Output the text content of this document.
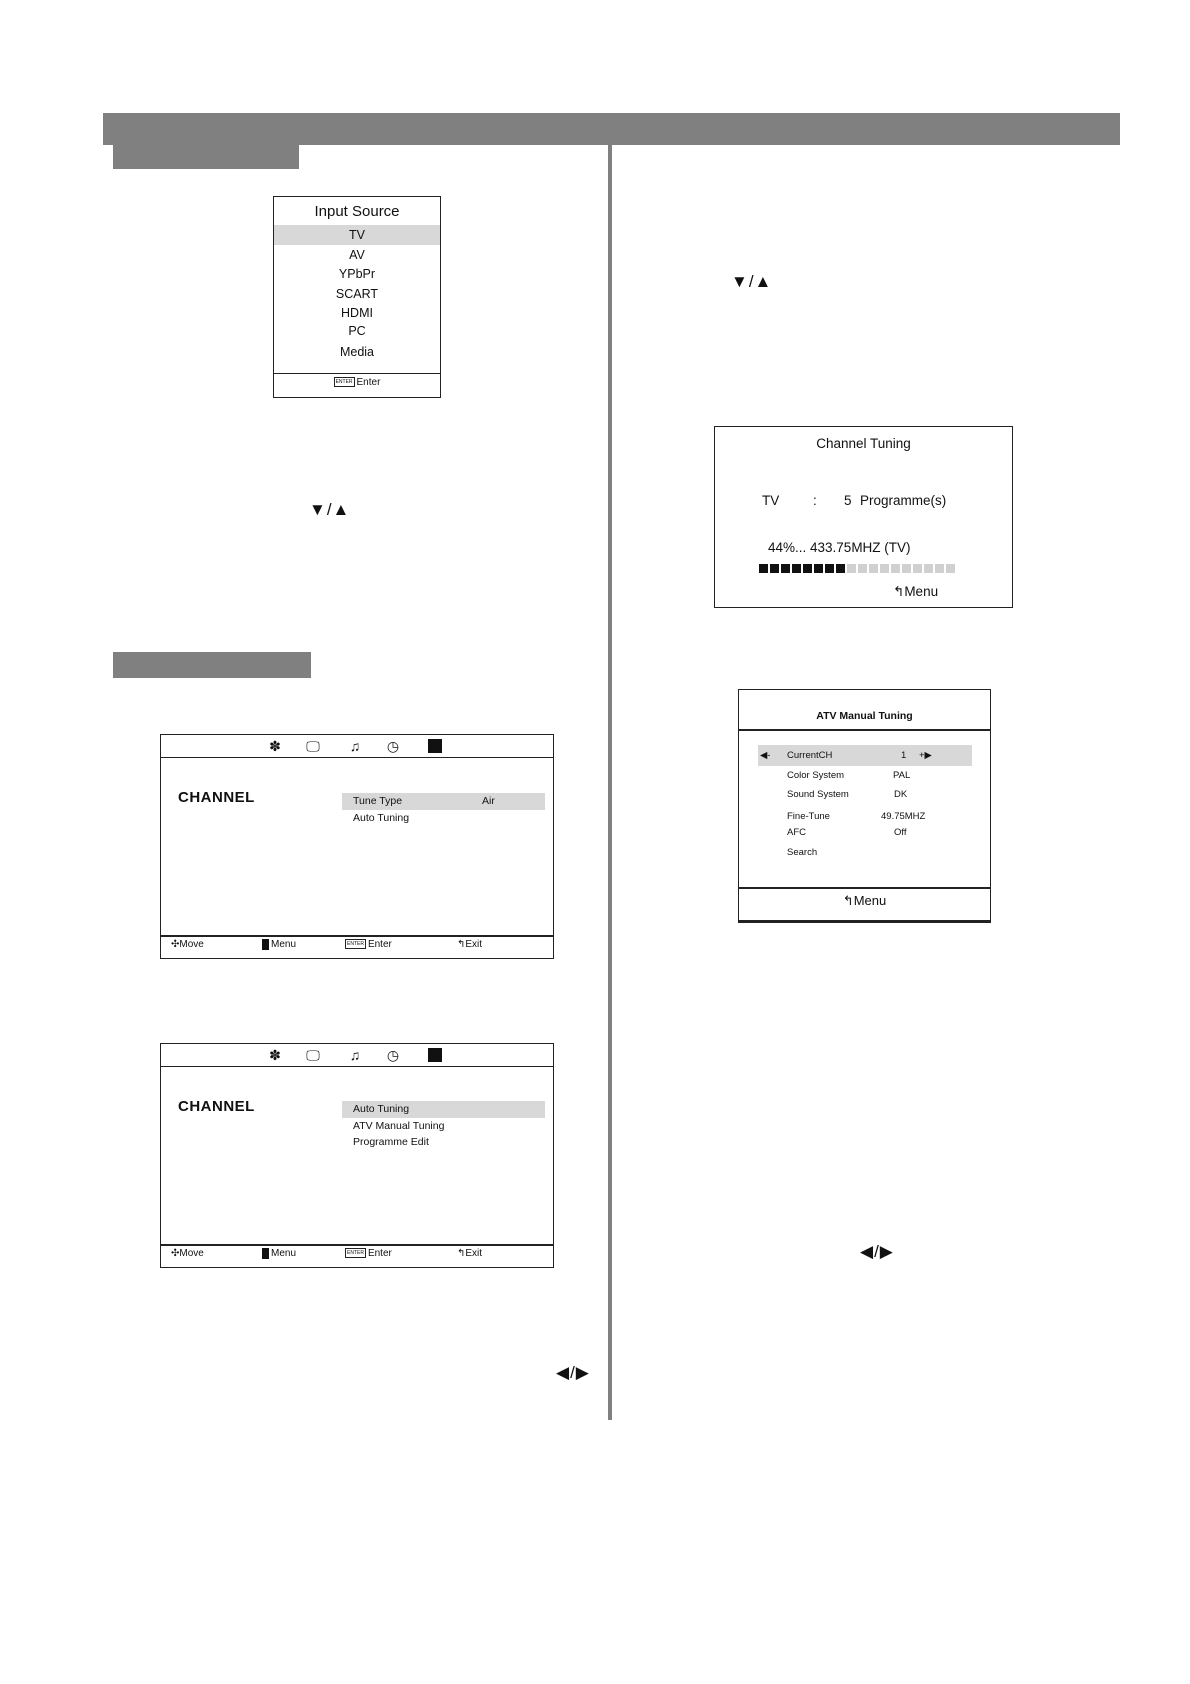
Input Source
TV
AV
YPbPr
SCART
HDMI
PC
Media
ENTER Enter
▼/▲
✽ 🖵 ♫ ◷
CHANNEL	Tune Type	Air
Auto Tuning
✣Move	Menu	ENTER Enter	↰Exit
✽ 🖵 ♫ ◷
CHANNEL	Auto Tuning
ATV Manual Tuning
Programme Edit
✣Move	Menu	ENTER Enter	↰Exit
◀/▶
▼/▲
Channel Tuning
TV : 5 Programme(s)
44%... 433.75MHZ (TV)
↰Menu
ATV Manual Tuning
◀- CurrentCH	1 +▶
Color System	PAL
Sound System	DK
Fine-Tune	49.75MHZ
AFC	Off
Search
↰Menu
◀/▶
